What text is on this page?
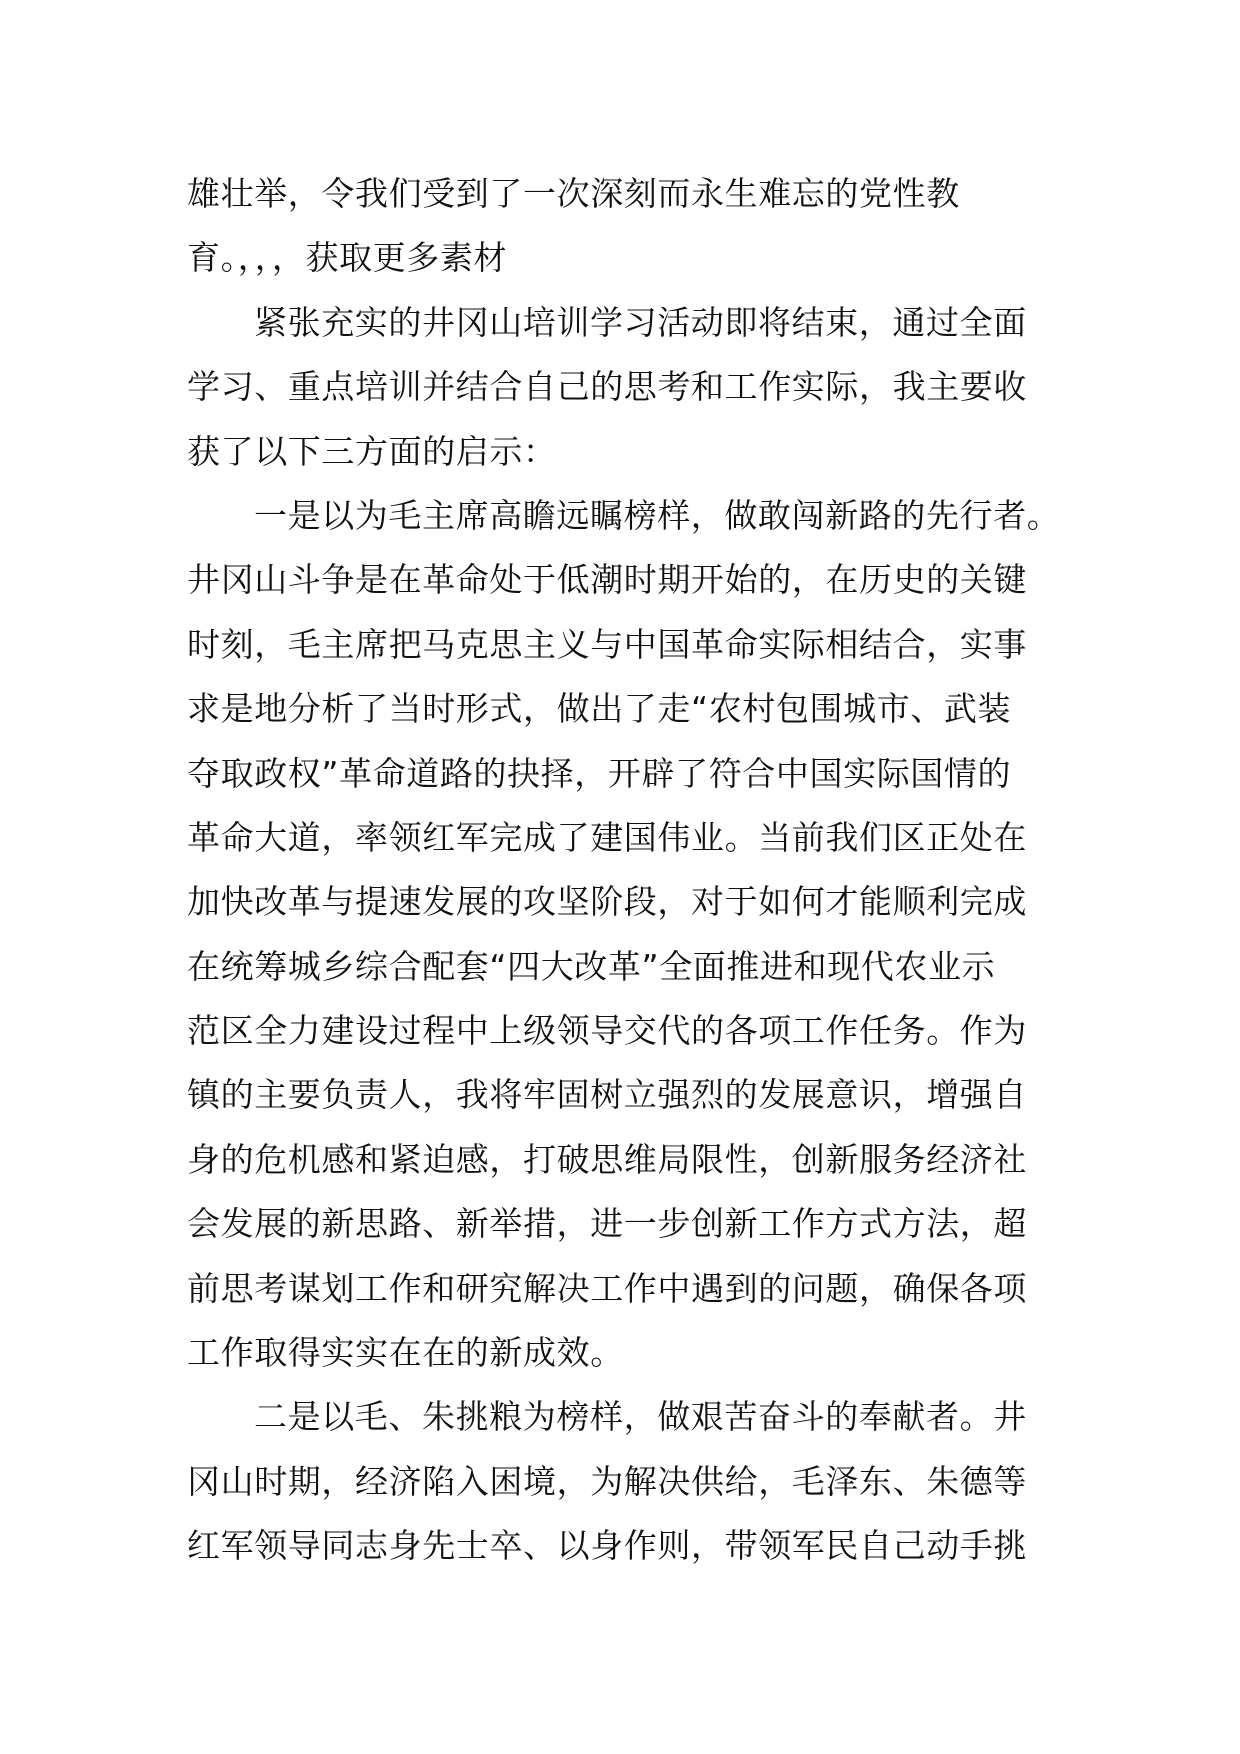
雄壮举，令我们受到了一次深刻而永生难忘的党性教
育。，，，获取更多素材
紧张充实的井冈山培训学习活动即将结束，通过全面
学习、重点培训并结合自己的思考和工作实际，我主要收
获了以下三方面的启示：
一是以为毛主席高瞻远瞩榜样，做敢闯新路的先行者。
井冈山斗争是在革命处于低潮时期开始的，在历史的关键
时刻，毛主席把马克思主义与中国革命实际相结合，实事
求是地分析了当时形式，做出了走“农村包围城市、武装
夺取政权”革命道路的抉择，开辟了符合中国实际国情的
革命大道，率领红军完成了建国伟业。当前我们区正处在
加快改革与提速发展的攻坚阶段，对于如何才能顺利完成
在统筹城乡综合配套“四大改革”全面推进和现代农业示
范区全力建设过程中上级领导交代的各项工作任务。作为
镇的主要负责人，我将牢固树立强烈的发展意识，增强自
身的危机感和紧迫感，打破思维局限性，创新服务经济社
会发展的新思路、新举措，进一步创新工作方式方法，超
前思考谋划工作和研究解决工作中遇到的问题，确保各项
工作取得实实在在的新成效。
二是以毛、朱挑粮为榜样，做艰苦奋斗的奉献者。井
冈山时期，经济陷入困境，为解决供给，毛泽东、朱德等
红军领导同志身先士卒、以身作则，带领军民自己动手挑
